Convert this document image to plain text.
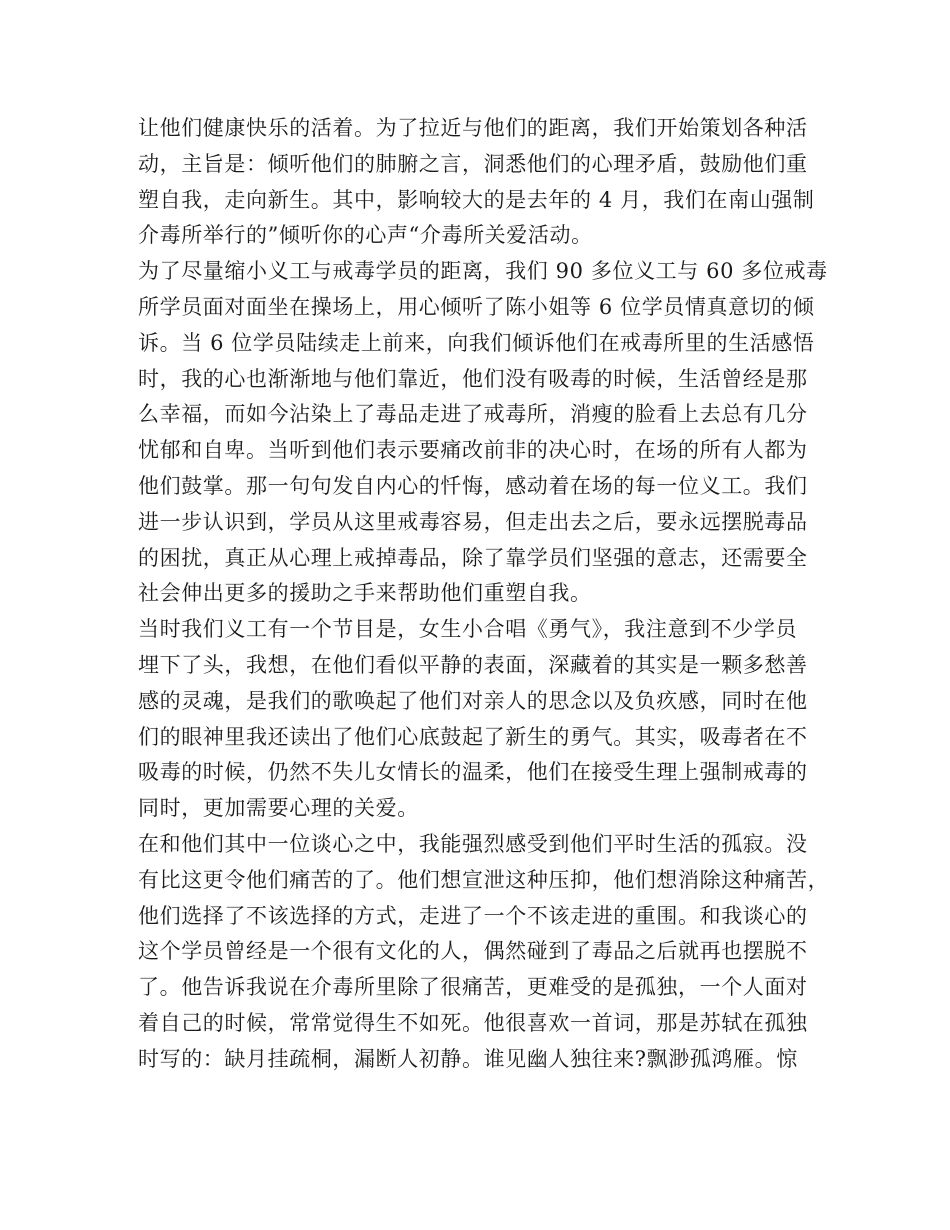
让他们健康快乐的活着。为了拉近与他们的距离，我们开始策划各种活
动，主旨是：倾听他们的肺腑之言，洞悉他们的心理矛盾，鼓励他们重
塑自我，走向新生。其中，影响较大的是去年的 4 月，我们在南山强制
介毒所举行的”倾听你的心声“介毒所关爱活动。
为了尽量缩小义工与戒毒学员的距离，我们 90 多位义工与 60 多位戒毒
所学员面对面坐在操场上，用心倾听了陈小姐等 6 位学员情真意切的倾
诉。当 6 位学员陆续走上前来，向我们倾诉他们在戒毒所里的生活感悟
时，我的心也渐渐地与他们靠近，他们没有吸毒的时候，生活曾经是那
么幸福，而如今沾染上了毒品走进了戒毒所，消瘦的脸看上去总有几分
忧郁和自卑。当听到他们表示要痛改前非的决心时，在场的所有人都为
他们鼓掌。那一句句发自内心的忏悔，感动着在场的每一位义工。我们
进一步认识到，学员从这里戒毒容易，但走出去之后，要永远摆脱毒品
的困扰，真正从心理上戒掉毒品，除了靠学员们坚强的意志，还需要全
社会伸出更多的援助之手来帮助他们重塑自我。
当时我们义工有一个节目是，女生小合唱《勇气》，我注意到不少学员
埋下了头，我想，在他们看似平静的表面，深藏着的其实是一颗多愁善
感的灵魂，是我们的歌唤起了他们对亲人的思念以及负疚感，同时在他
们的眼神里我还读出了他们心底鼓起了新生的勇气。其实，吸毒者在不
吸毒的时候，仍然不失儿女情长的温柔，他们在接受生理上强制戒毒的
同时，更加需要心理的关爱。
在和他们其中一位谈心之中，我能强烈感受到他们平时生活的孤寂。没
有比这更令他们痛苦的了。他们想宣泄这种压抑，他们想消除这种痛苦，
他们选择了不该选择的方式，走进了一个不该走进的重围。和我谈心的
这个学员曾经是一个很有文化的人，偶然碰到了毒品之后就再也摆脱不
了。他告诉我说在介毒所里除了很痛苦，更难受的是孤独，一个人面对
着自己的时候，常常觉得生不如死。他很喜欢一首词，那是苏轼在孤独
时写的：缺月挂疏桐，漏断人初静。谁见幽人独往来?飘渺孤鸿雁。惊
